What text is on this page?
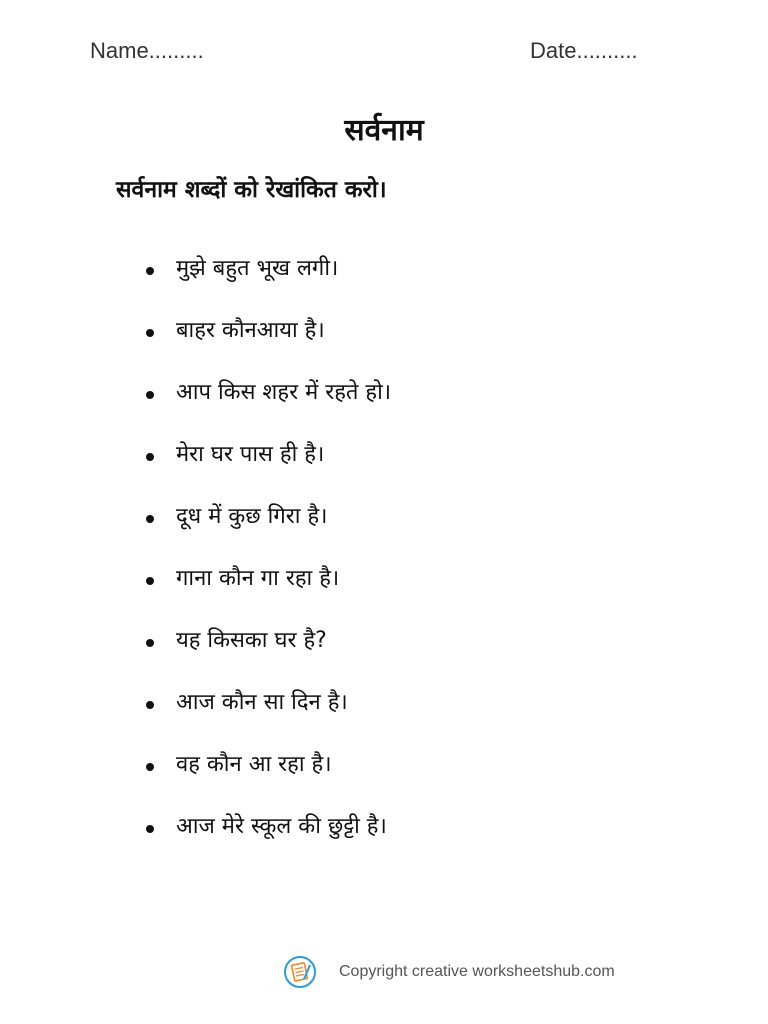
Name.........	Date..........
सर्वनाम
सर्वनाम शब्दों को रेखांकित करो।
मुझे बहुत भूख लगी।
बाहर कौनआया है।
आप किस शहर में रहते हो।
मेरा घर पास ही है।
दूध में कुछ गिरा है।
गाना कौन गा रहा है।
यह किसका घर है?
आज कौन सा दिन है।
वह कौन आ रहा है।
आज मेरे स्कूल की छुट्टी है।
Copyright creative worksheetshub.com
